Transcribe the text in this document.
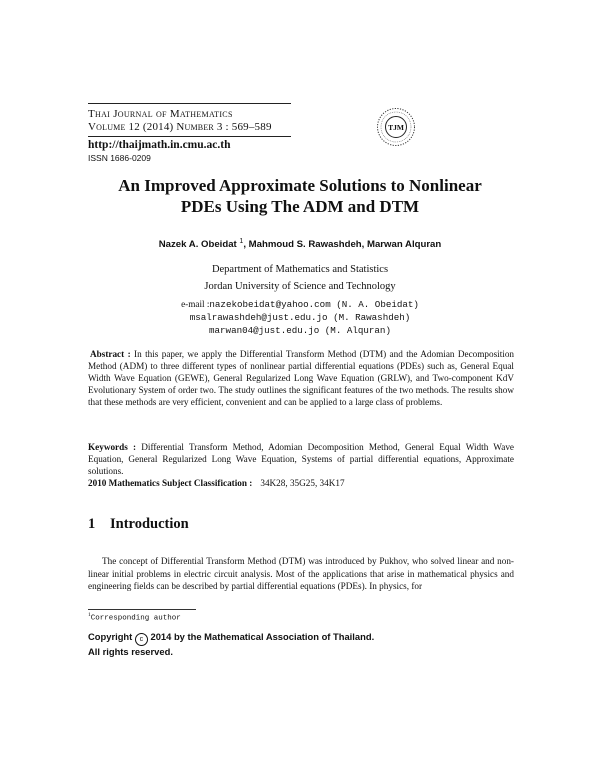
Thai Journal of Mathematics
Volume 12 (2014) Number 3 : 569–589
http://thaijmath.in.cmu.ac.th
ISSN 1686-0209
TJM
An Improved Approximate Solutions to Nonlinear
PDEs Using The ADM and DTM
Nazek A. Obeidat $^1$, Mahmoud S. Rawashdeh, Marwan Alquran
Department of Mathematics and Statistics
Jordan University of Science and Technology
e-mail :nazekobeidat@yahoo.com (N. A. Obeidat)
msalrawashdeh@just.edu.jo (M. Rawashdeh)
marwan04@just.edu.jo (M. Alquran)
Abstract : In this paper, we apply the Differential Transform Method (DTM) and the Adomian Decomposition Method (ADM) to three different types of nonlinear partial differential equations (PDEs) such as, General Equal Width Wave Equation (GEWE), General Regularized Long Wave Equation (GRLW), and Two-component KdV Evolutionary System of order two. The study outlines the significant features of the two methods. The results show that these methods are very efficient, convenient and can be applied to a large class of problems.
Keywords : Differential Transform Method, Adomian Decomposition Method, General Equal Width Wave Equation, General Regularized Long Wave Equation, Systems of partial differential equations, Approximate solutions.
2010 Mathematics Subject Classification : 34K28, 35G25, 34K17
1 Introduction
The concept of Differential Transform Method (DTM) was introduced by Pukhov, who solved linear and non-linear initial problems in electric circuit analysis. Most of the applications that arise in mathematical physics and engineering fields can be described by partial differential equations (PDEs). In physics, for
$^1$Corresponding author
Copyright c 2014 by the Mathematical Association of Thailand.
All rights reserved.
